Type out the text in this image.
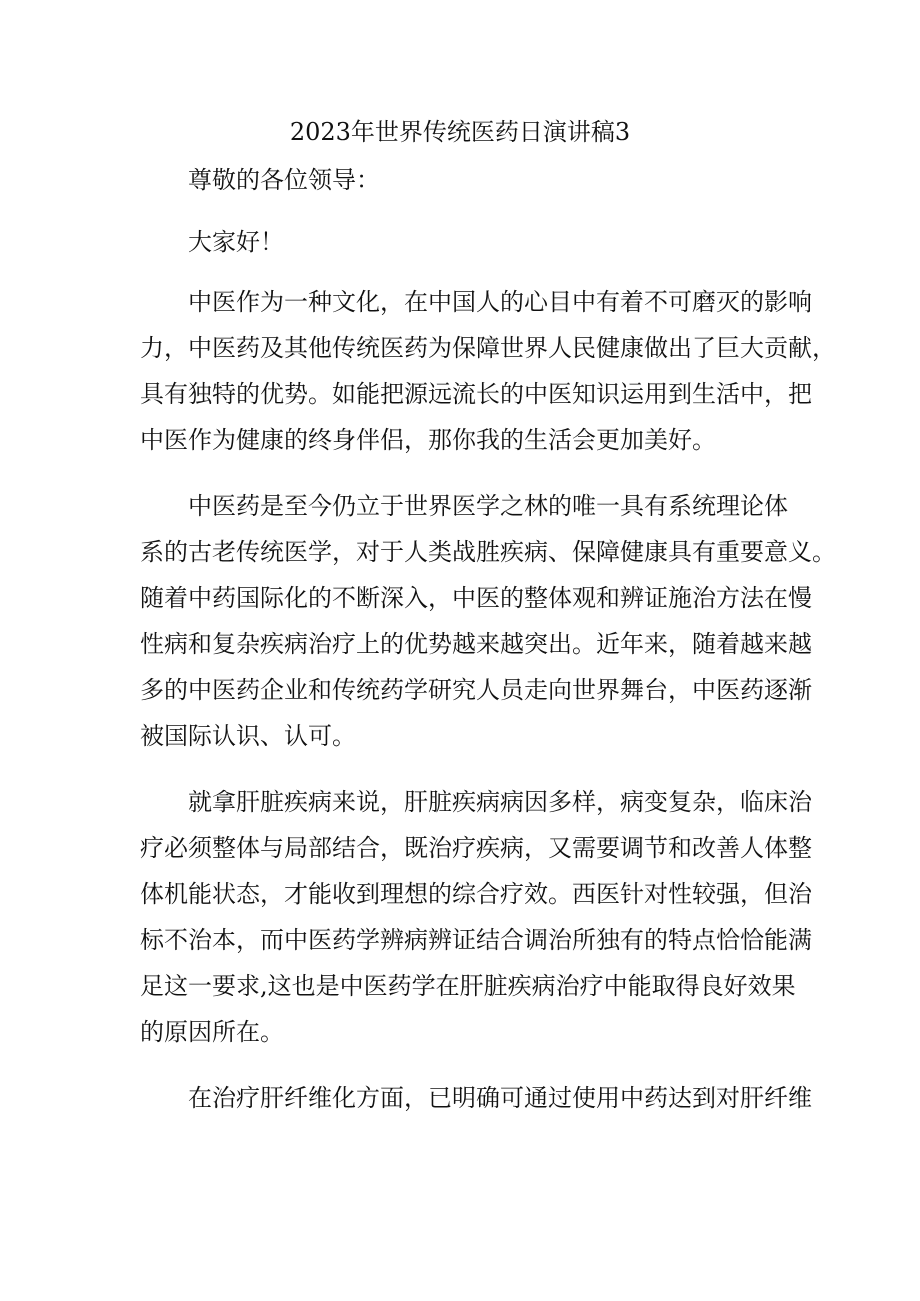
2023年世界传统医药日演讲稿3
尊敬的各位领导：
大家好！
中医作为一种文化，在中国人的心目中有着不可磨灭的影响
力，中医药及其他传统医药为保障世界人民健康做出了巨大贡献，
具有独特的优势。如能把源远流长的中医知识运用到生活中，把
中医作为健康的终身伴侣，那你我的生活会更加美好。
中医药是至今仍立于世界医学之林的唯一具有系统理论体
系的古老传统医学，对于人类战胜疾病、保障健康具有重要意义。
随着中药国际化的不断深入，中医的整体观和辨证施治方法在慢
性病和复杂疾病治疗上的优势越来越突出。近年来，随着越来越
多的中医药企业和传统药学研究人员走向世界舞台，中医药逐渐
被国际认识、认可。
就拿肝脏疾病来说，肝脏疾病病因多样，病变复杂，临床治
疗必须整体与局部结合，既治疗疾病，又需要调节和改善人体整
体机能状态，才能收到理想的综合疗效。西医针对性较强，但治
标不治本，而中医药学辨病辨证结合调治所独有的特点恰恰能满
足这一要求,这也是中医药学在肝脏疾病治疗中能取得良好效果
的原因所在。
在治疗肝纤维化方面，已明确可通过使用中药达到对肝纤维
